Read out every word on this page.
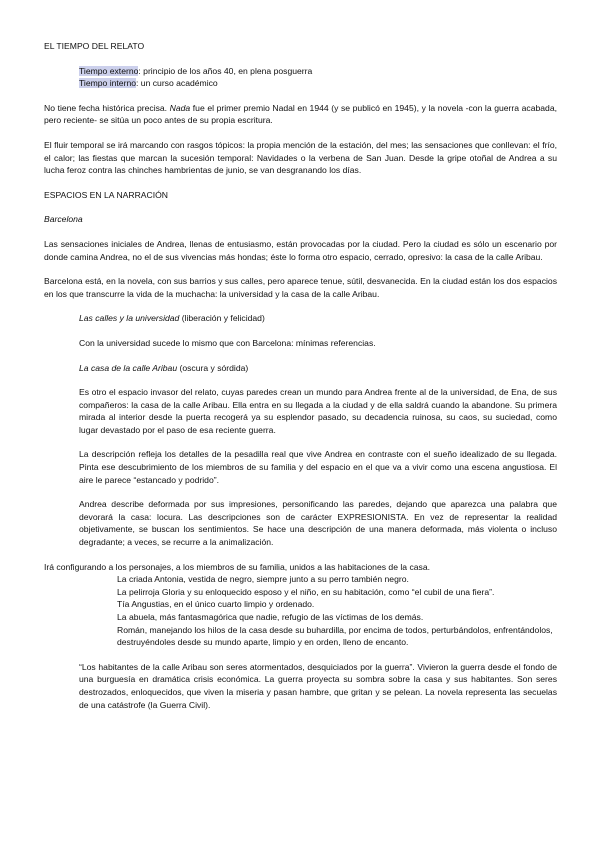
EL TIEMPO DEL RELATO

Tiempo externo: principio de los años 40, en plena posguerra

Tiempo interno: un curso académico

No tiene fecha histórica precisa. Nada fue el primer premio Nadal en 1944 (y se publicó en 1945), y la novela -con la guerra acabada, pero reciente- se sitúa un poco antes de su propia escritura.

El fluir temporal se irá marcando con rasgos tópicos: la propia mención de la estación, del mes; las sensaciones que conllevan: el frío, el calor; las fiestas que marcan la sucesión temporal: Navidades o la verbena de San Juan. Desde la gripe otoñal de Andrea a su lucha feroz contra las chinches hambrientas de junio, se van desgranando los días.

ESPACIOS EN LA NARRACIÓN

Barcelona

Las sensaciones iniciales de Andrea, llenas de entusiasmo, están provocadas por la ciudad. Pero la ciudad es sólo un escenario por donde camina Andrea, no el de sus vivencias más hondas; éste lo forma otro espacio, cerrado, opresivo: la casa de la calle Aribau.

Barcelona está, en la novela, con sus barrios y sus calles, pero aparece tenue, sútil, desvanecida. En la ciudad están los dos espacios en los que transcurre la vida de la muchacha: la universidad y la casa de la calle Aribau.

Las calles y la universidad (liberación y felicidad)

Con la universidad sucede lo mismo que con Barcelona: mínimas referencias.

La casa de la calle Aribau (oscura y sórdida)

Es otro el espacio invasor del relato, cuyas paredes crean un mundo para Andrea frente al de la universidad, de Ena, de sus compañeros: la casa de la calle Aribau. Ella entra en su llegada a la ciudad y de ella saldrá cuando la abandone. Su primera mirada al interior desde la puerta recogerá ya su esplendor pasado, su decadencia ruinosa, su caos, su suciedad, como lugar devastado por el paso de esa reciente guerra.

La descripción refleja los detalles de la pesadilla real que vive Andrea en contraste con el sueño idealizado de su llegada. Pinta ese descubrimiento de los miembros de su familia y del espacio en el que va a vivir como una escena angustiosa. El aire le parece “estancado y podrido”.

Andrea describe deformada por sus impresiones, personificando las paredes, dejando que aparezca una palabra que devorará la casa: locura. Las descripciones son de carácter EXPRESIONISTA. En vez de representar la realidad objetivamente, se buscan los sentimientos. Se hace una descripción de una manera deformada, más violenta o incluso degradante; a veces, se recurre a la animalización.

Irá configurando a los personajes, a los miembros de su familia, unidos a las habitaciones de la casa.

La criada Antonia, vestida de negro, siempre junto a su perro también negro.

La pelirroja Gloria y su enloquecido esposo y el niño, en su habitación, como “el cubil de una fiera”.

Tía Angustias, en el único cuarto limpio y ordenado.

La abuela, más fantasmagórica que nadie, refugio de las víctimas de los demás.

Román, manejando los hilos de la casa desde su buhardilla, por encima de todos, perturbándolos, enfrentándolos, destruyéndoles desde su mundo aparte, limpio y en orden, lleno de encanto.

“Los habitantes de la calle Aribau son seres atormentados, desquiciados por la guerra”. Vivieron la guerra desde el fondo de una burguesía en dramática crisis económica. La guerra proyecta su sombra sobre la casa y sus habitantes. Son seres destrozados, enloquecidos, que viven la miseria y pasan hambre, que gritan y se pelean. La novela representa las secuelas de una catástrofe (la Guerra Civil).
